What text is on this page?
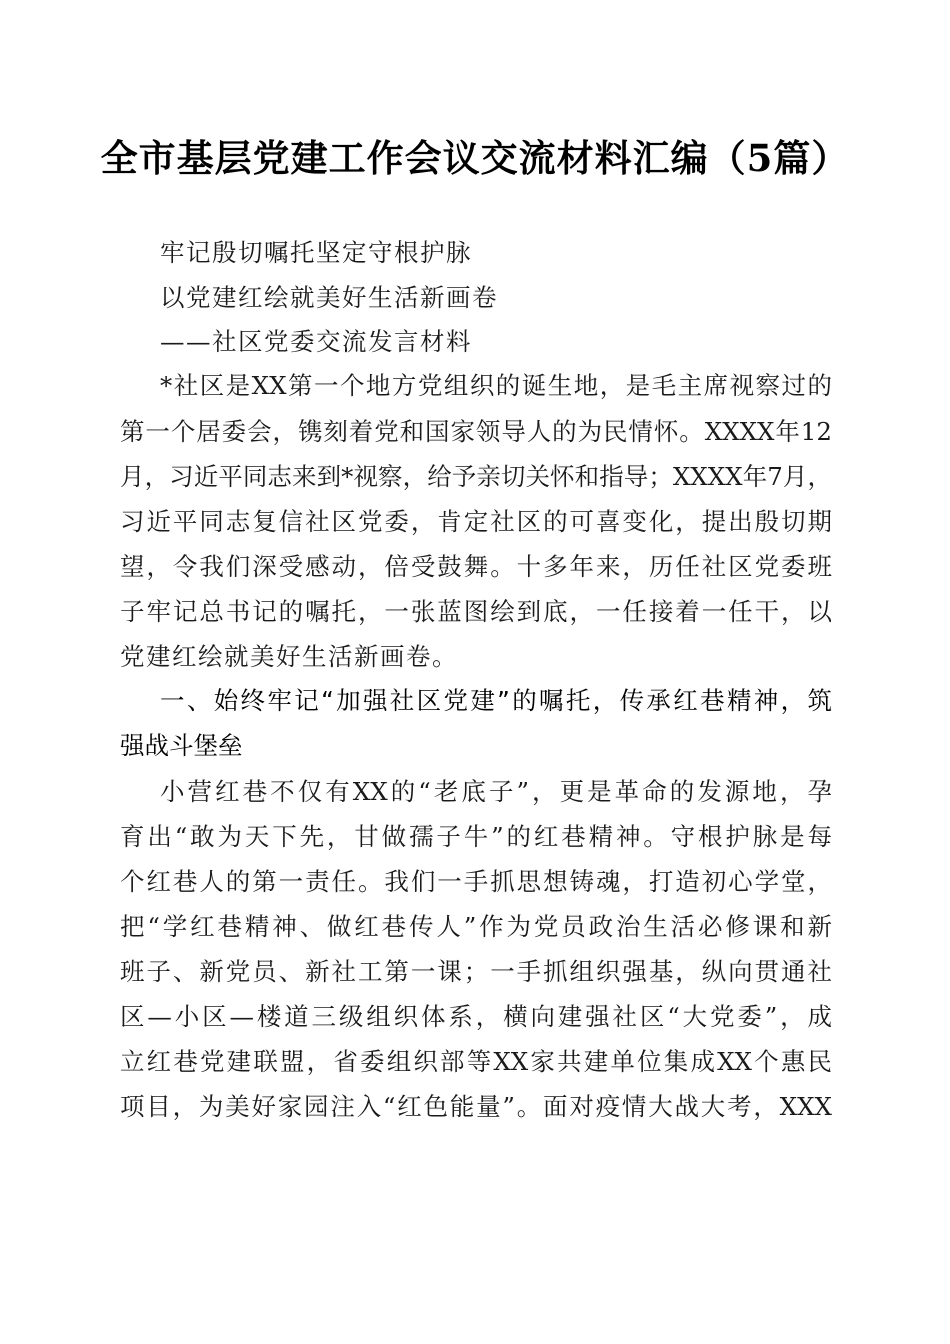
全市基层党建工作会议交流材料汇编（5篇）
牢记殷切嘱托坚定守根护脉
以党建红绘就美好生活新画卷
——社区党委交流发言材料
*社区是XX第一个地方党组织的诞生地，是毛主席视察过的
第一个居委会，镌刻着党和国家领导人的为民情怀。XXXX年12
月，习近平同志来到*视察，给予亲切关怀和指导；XXXX年7月，
习近平同志复信社区党委，肯定社区的可喜变化，提出殷切期
望，令我们深受感动，倍受鼓舞。十多年来，历任社区党委班
子牢记总书记的嘱托，一张蓝图绘到底，一任接着一任干，以
党建红绘就美好生活新画卷。
一、始终牢记“加强社区党建”的嘱托，传承红巷精神，筑
强战斗堡垒
小营红巷不仅有XX的“老底子”，更是革命的发源地，孕
育出“敢为天下先，甘做孺子牛”的红巷精神。守根护脉是每
个红巷人的第一责任。我们一手抓思想铸魂，打造初心学堂，
把“学红巷精神、做红巷传人”作为党员政治生活必修课和新
班子、新党员、新社工第一课；一手抓组织强基，纵向贯通社
区—小区—楼道三级组织体系，横向建强社区“大党委”，成
立红巷党建联盟，省委组织部等XX家共建单位集成XX个惠民
项目，为美好家园注入“红色能量”。面对疫情大战大考，XXX
